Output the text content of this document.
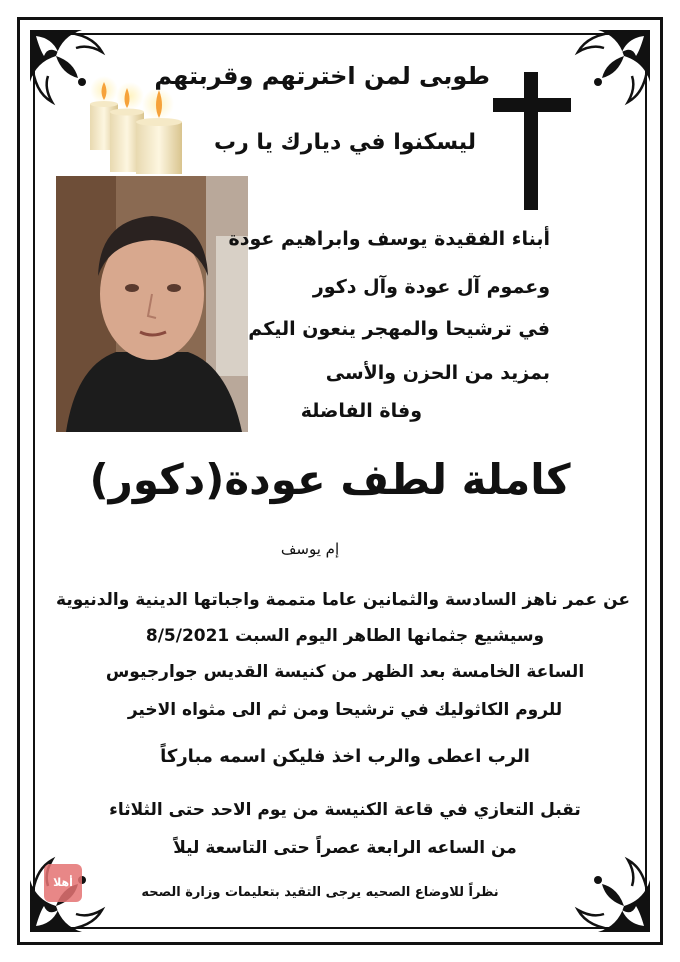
طوبى لمن اخترتهم وقربتهم
ليسكنوا في ديارك يا رب
أبناء الفقيدة يوسف وابراهيم عودة
وعموم آل عودة وآل دكور
في ترشيحا والمهجر ينعون اليكم
بمزيد من الحزن والأسى
وفاة الفاضلة
كاملة لطف عودة(دكور)
إم يوسف
عن عمر ناهز السادسة والثمانين عاما متممة واجباتها الدينية والدنيوية
وسيشيع جثمانها الطاهر اليوم السبت 8/5/2021
الساعة الخامسة بعد الظهر من كنيسة القديس جوارجيوس
للروم الكاثوليك في ترشيحا ومن ثم الى مثواه الاخير
الرب اعطى والرب اخذ فليكن اسمه مباركاً
تقبل التعازي في قاعة الكنيسة من يوم الاحد حتى الثلاثاء
من الساعه الرابعة عصراً حتى التاسعة ليلاً
أهلا
نظراً للاوضاع الصحيه يرجى التقيد بتعليمات وزارة الصحه
